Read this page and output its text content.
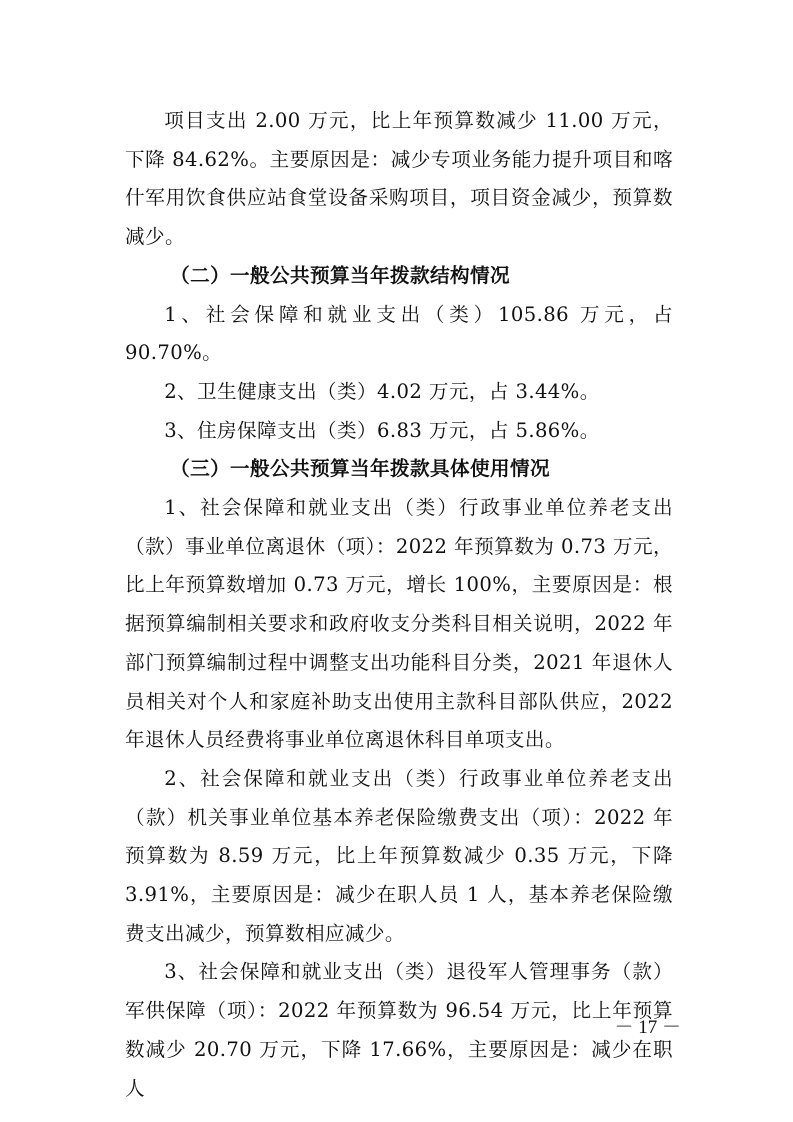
项目支出 2.00 万元，比上年预算数减少 11.00 万元，下降 84.62%。主要原因是：减少专项业务能力提升项目和喀什军用饮食供应站食堂设备采购项目，项目资金减少，预算数减少。

（二）一般公共预算当年拨款结构情况

1、社会保障和就业支出（类）105.86 万元，占 90.70%。

2、卫生健康支出（类）4.02 万元，占 3.44%。

3、住房保障支出（类）6.83 万元，占 5.86%。

（三）一般公共预算当年拨款具体使用情况

1、社会保障和就业支出（类）行政事业单位养老支出（款）事业单位离退休（项）：2022 年预算数为 0.73 万元，比上年预算数增加 0.73 万元，增长 100%，主要原因是：根据预算编制相关要求和政府收支分类科目相关说明，2022 年部门预算编制过程中调整支出功能科目分类，2021 年退休人员相关对个人和家庭补助支出使用主款科目部队供应，2022 年退休人员经费将事业单位离退休科目单项支出。

2、社会保障和就业支出（类）行政事业单位养老支出（款）机关事业单位基本养老保险缴费支出（项）：2022 年预算数为 8.59 万元，比上年预算数减少 0.35 万元，下降 3.91%，主要原因是：减少在职人员 1 人，基本养老保险缴费支出减少，预算数相应减少。

3、社会保障和就业支出（类）退役军人管理事务（款）军供保障（项）：2022 年预算数为 96.54 万元，比上年预算数减少 20.70 万元，下降 17.66%，主要原因是：减少在职人

－ 17 －
